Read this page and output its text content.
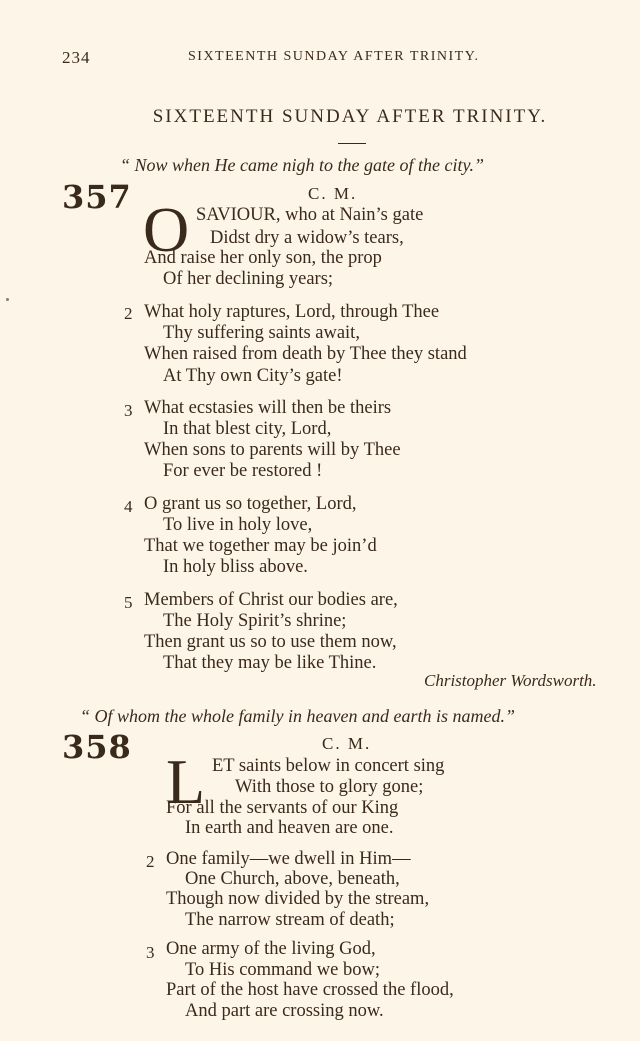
234	SIXTEENTH SUNDAY AFTER TRINITY.
SIXTEENTH SUNDAY AFTER TRINITY.
“ Now when He came nigh to the gate of the city.”
357	C. M.
O SAVIOUR, who at Nain’s gate
Didst dry a widow’s tears,
And raise her only son, the prop
Of her declining years;
2 What holy raptures, Lord, through Thee
Thy suffering saints await,
When raised from death by Thee they stand
At Thy own City’s gate!
3 What ecstasies will then be theirs
In that blest city, Lord,
When sons to parents will by Thee
For ever be restored !
4 O grant us so together, Lord,
To live in holy love,
That we together may be join’d
In holy bliss above.
5 Members of Christ our bodies are,
The Holy Spirit’s shrine;
Then grant us so to use them now,
That they may be like Thine.
Christopher Wordsworth.
“ Of whom the whole family in heaven and earth is named.”
358	C. M.
L ET saints below in concert sing
With those to glory gone;
For all the servants of our King
In earth and heaven are one.
2 One family—we dwell in Him—
One Church, above, beneath,
Though now divided by the stream,
The narrow stream of death;
3 One army of the living God,
To His command we bow;
Part of the host have crossed the flood,
And part are crossing now.
